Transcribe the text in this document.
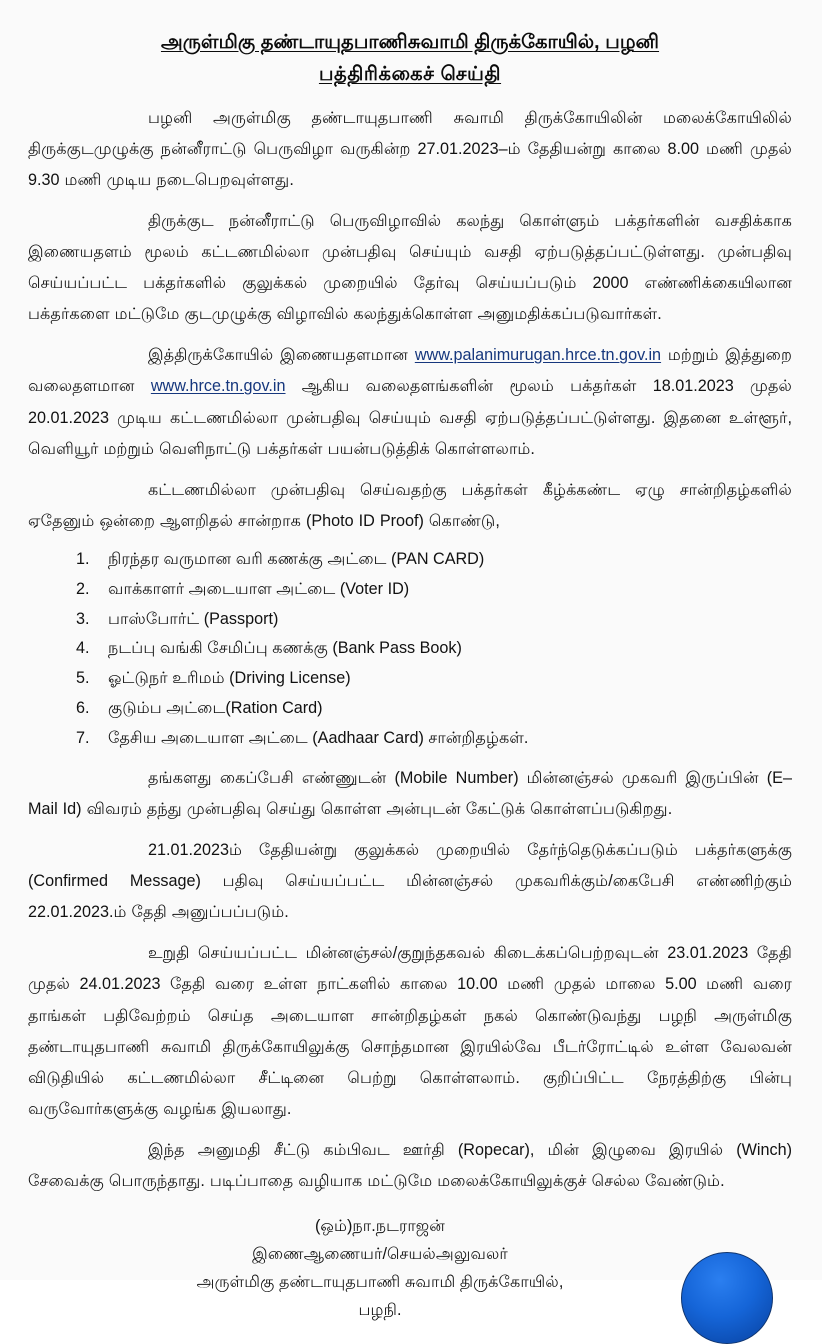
அருள்மிகு தண்டாயுதபாணிசுவாமி திருக்கோயில், பழனி
பத்திரிக்கைச் செய்தி

பழனி அருள்மிகு தண்டாயுதபாணி சுவாமி திருக்கோயிலின் மலைக்கோயிலில் திருக்குடமுழுக்கு நன்னீராட்டு பெருவிழா வருகின்ற 27.01.2023–ம் தேதியன்று காலை 8.00 மணி முதல் 9.30 மணி முடிய நடைபெறவுள்ளது.

திருக்குட நன்னீராட்டு பெருவிழாவில் கலந்து கொள்ளும் பக்தர்களின் வசதிக்காக இணையதளம் மூலம் கட்டணமில்லா முன்பதிவு செய்யும் வசதி ஏற்படுத்தப்பட்டுள்ளது. முன்பதிவு செய்யப்பட்ட பக்தர்களில் குலுக்கல் முறையில் தேர்வு செய்யப்படும் 2000 எண்ணிக்கையிலான பக்தர்களை மட்டுமே குடமுழுக்கு விழாவில் கலந்துக்கொள்ள அனுமதிக்கப்படுவார்கள்.

இத்திருக்கோயில் இணையதளமான www.palanimurugan.hrce.tn.gov.in மற்றும் இத்துறை வலைதளமான www.hrce.tn.gov.in ஆகிய வலைதளங்களின் மூலம் பக்தர்கள் 18.01.2023 முதல் 20.01.2023 முடிய கட்டணமில்லா முன்பதிவு செய்யும் வசதி ஏற்படுத்தப்பட்டுள்ளது. இதனை உள்ளூர், வெளியூர் மற்றும் வெளிநாட்டு பக்தர்கள் பயன்படுத்திக் கொள்ளலாம்.

கட்டணமில்லா முன்பதிவு செய்வதற்கு பக்தர்கள் கீழ்க்கண்ட ஏழு சான்றிதழ்களில் ஏதேனும் ஒன்றை ஆளறிதல் சான்றாக (Photo ID Proof) கொண்டு,

1. நிரந்தர வருமான வரி கணக்கு அட்டை (PAN CARD)
2. வாக்காளர் அடையாள அட்டை (Voter ID)
3. பாஸ்போர்ட் (Passport)
4. நடப்பு வங்கி சேமிப்பு கணக்கு (Bank Pass Book)
5. ஓட்டுநர் உரிமம் (Driving License)
6. குடும்ப அட்டை(Ration Card)
7. தேசிய அடையாள அட்டை (Aadhaar Card) சான்றிதழ்கள்.

தங்களது கைப்பேசி எண்ணுடன் (Mobile Number) மின்னஞ்சல் முகவரி இருப்பின் (E–Mail Id) விவரம் தந்து முன்பதிவு செய்து கொள்ள அன்புடன் கேட்டுக் கொள்ளப்படுகிறது.

21.01.2023ம் தேதியன்று குலுக்கல் முறையில் தேர்ந்தெடுக்கப்படும் பக்தர்களுக்கு (Confirmed Message) பதிவு செய்யப்பட்ட மின்னஞ்சல் முகவரிக்கும்/கைபேசி எண்ணிற்கும் 22.01.2023.ம் தேதி அனுப்பப்படும்.

உறுதி செய்யப்பட்ட மின்னஞ்சல்/குறுந்தகவல் கிடைக்கப்பெற்றவுடன் 23.01.2023 தேதி முதல் 24.01.2023 தேதி வரை உள்ள நாட்களில் காலை 10.00 மணி முதல் மாலை 5.00 மணி வரை தாங்கள் பதிவேற்றம் செய்த அடையாள சான்றிதழ்கள் நகல் கொண்டுவந்து பழநி அருள்மிகு தண்டாயுதபாணி சுவாமி திருக்கோயிலுக்கு சொந்தமான இரயில்வே பீடர்ரோட்டில் உள்ள வேலவன் விடுதியில் கட்டணமில்லா சீட்டினை பெற்று கொள்ளலாம். குறிப்பிட்ட நேரத்திற்கு பின்பு வருவோர்களுக்கு வழங்க இயலாது.

இந்த அனுமதி சீட்டு கம்பிவட ஊர்தி (Ropecar), மின் இழுவை இரயில் (Winch) சேவைக்கு பொருந்தாது. படிப்பாதை வழியாக மட்டுமே மலைக்கோயிலுக்குச் செல்ல வேண்டும்.

(ஒம்)நா.நடராஜன்
இணைஆணையர்/செயல்அலுவலர்
அருள்மிகு தண்டாயுதபாணி சுவாமி திருக்கோயில்,
பழநி.
